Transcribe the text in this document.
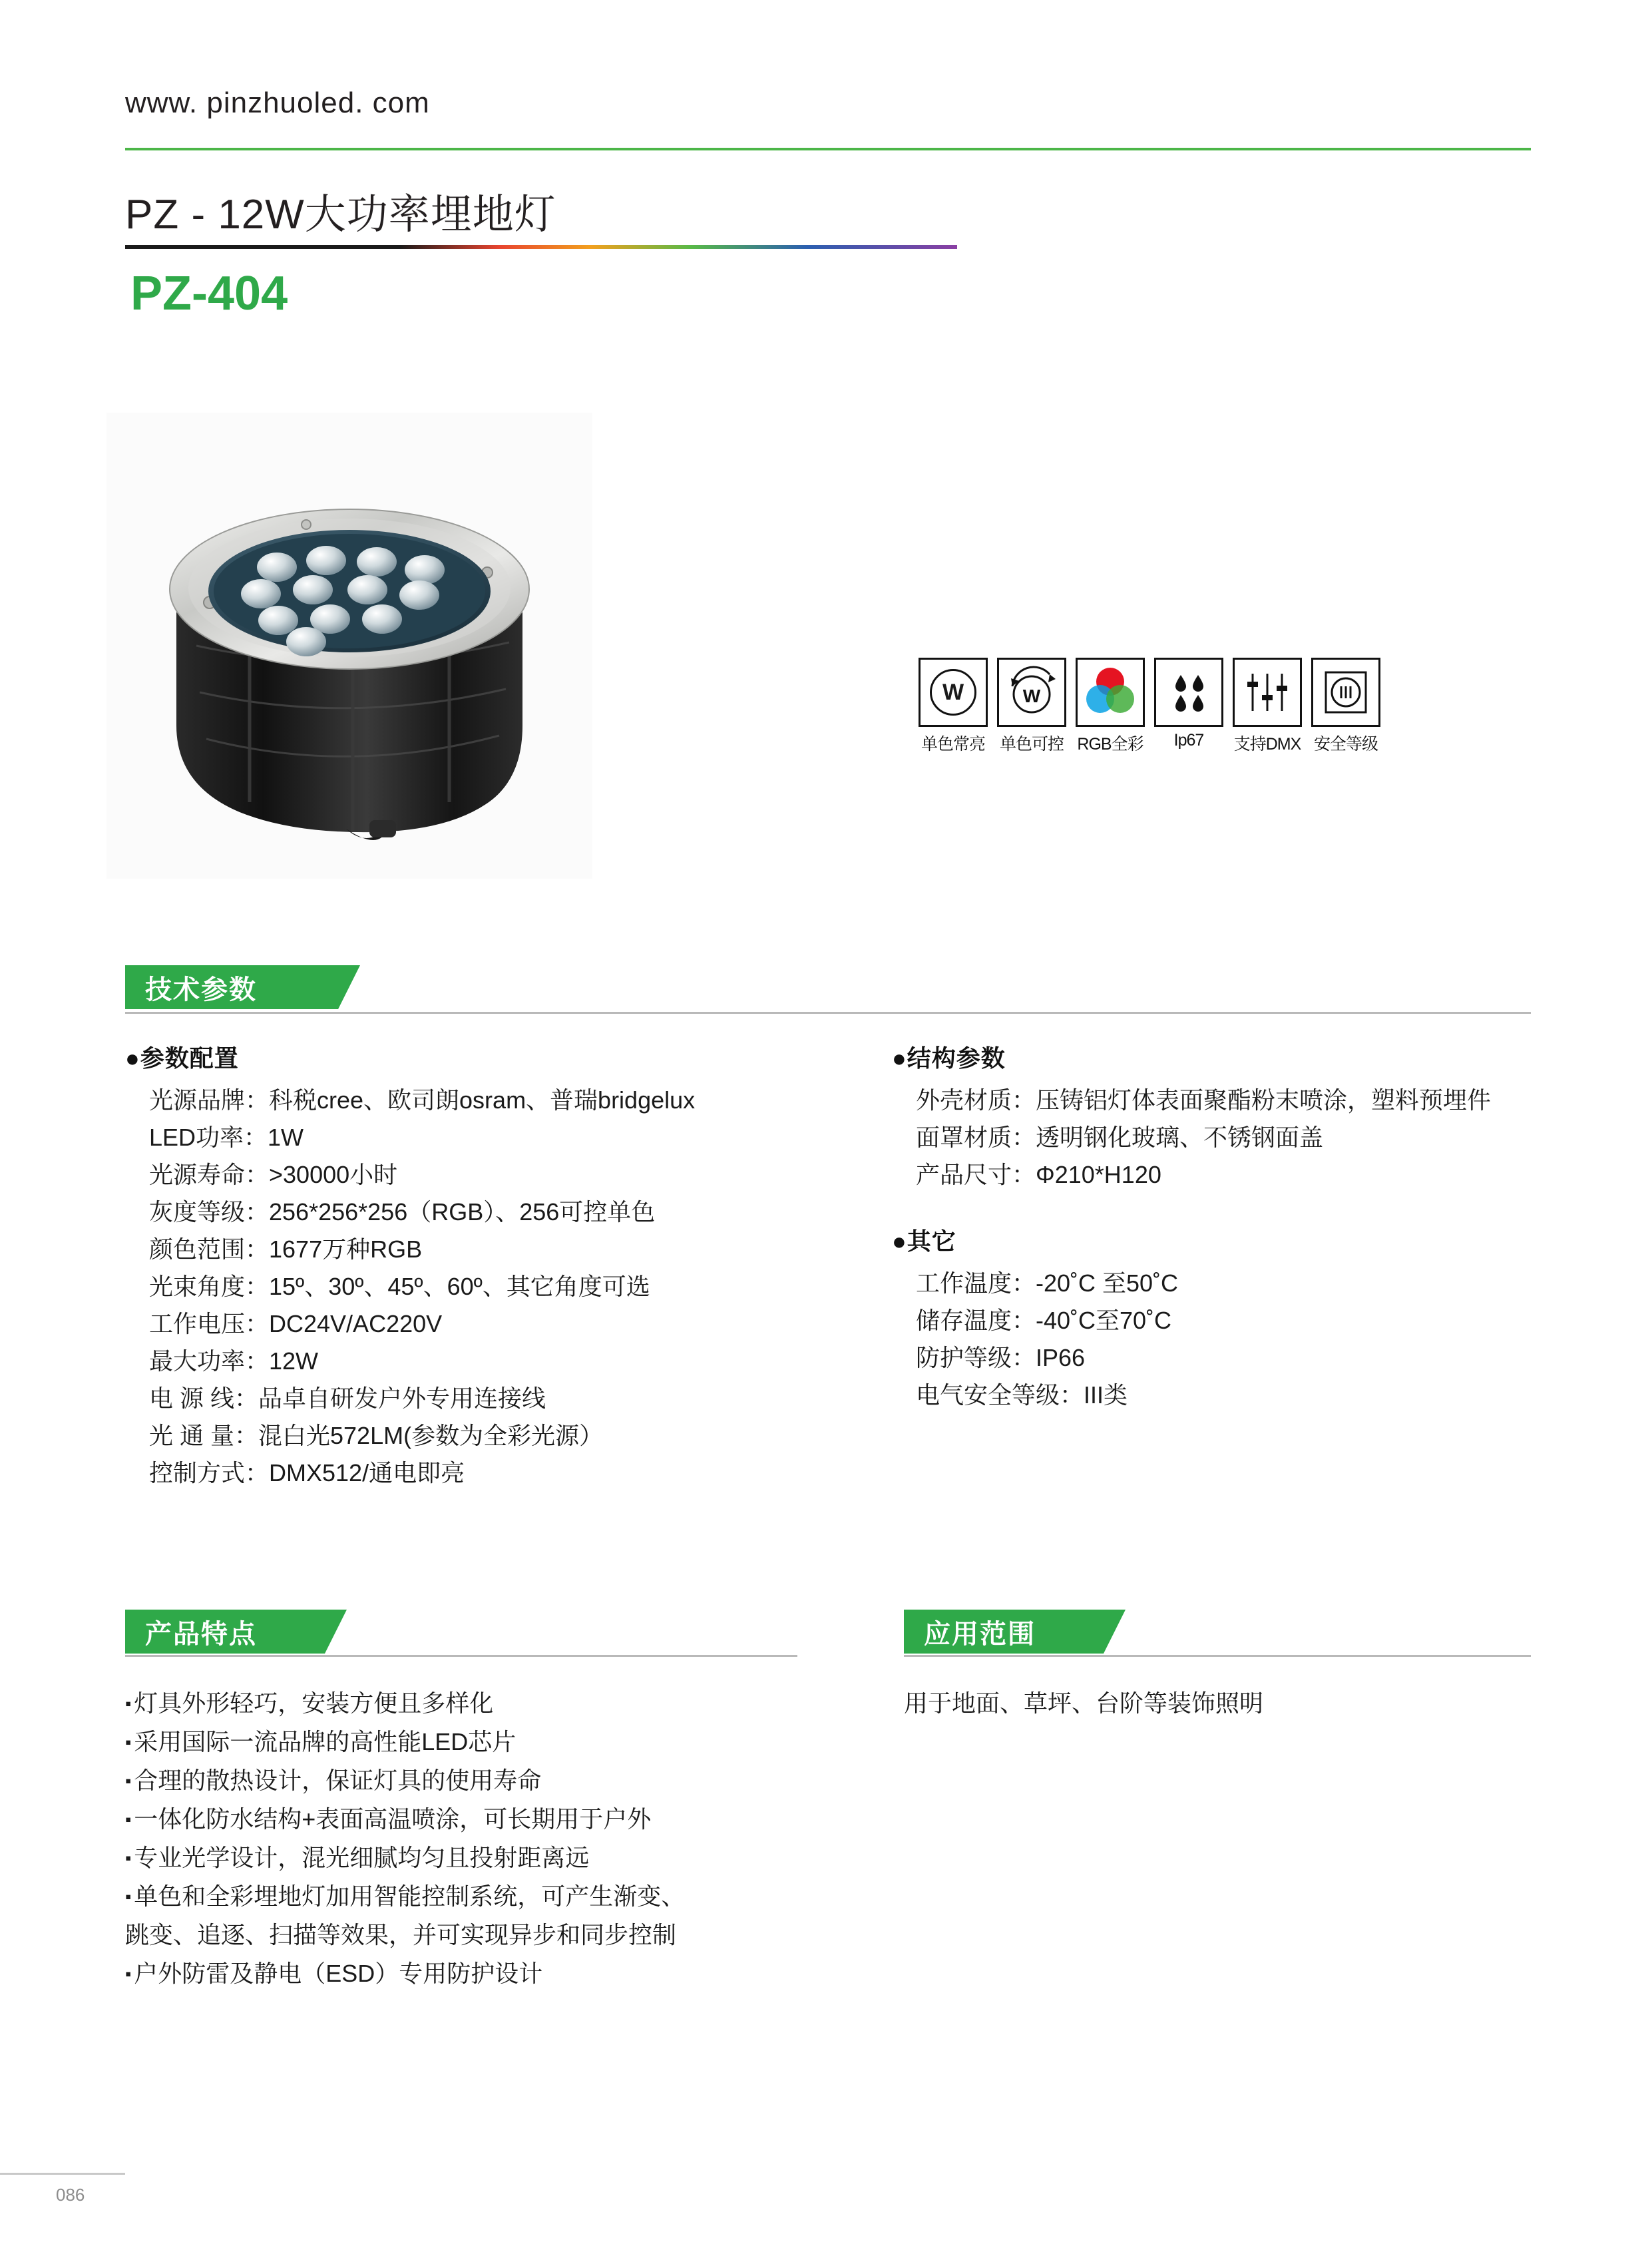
www. pinzhuoled. com
PZ - 12W大功率埋地灯
PZ-404
W
单色常亮
W
单色可控 RGB全彩 Ip67 支持DMX 安全等级
技术参数
●参数配置
光源品牌：科税cree、欧司朗osram、普瑞bridgelux
LED功率：1W
光源寿命：>30000小时
灰度等级：256*256*256（RGB）、256可控单色
颜色范围：1677万种RGB
光束角度：15º、30º、45º、60º、其它角度可选
工作电压：DC24V/AC220V
最大功率：12W
电 源 线：品卓自研发户外专用连接线
光 通 量：混白光572LM(参数为全彩光源）
控制方式：DMX512/通电即亮
●结构参数
外壳材质：压铸铝灯体表面聚酯粉末喷涂，塑料预埋件
面罩材质：透明钢化玻璃、不锈钢面盖
产品尺寸：Φ210*H120
●其它
工作温度：-20˚C 至50˚C
储存温度：-40˚C至70˚C
防护等级：IP66
电气安全等级：III类
产品特点
▪ 灯具外形轻巧，安装方便且多样化
▪ 采用国际一流品牌的高性能LED芯片
▪ 合理的散热设计，保证灯具的使用寿命
▪ 一体化防水结构+表面高温喷涂，可长期用于户外
▪ 专业光学设计，混光细腻均匀且投射距离远
▪ 单色和全彩埋地灯加用智能控制系统，可产生渐变、
跳变、追逐、扫描等效果，并可实现异步和同步控制
▪ 户外防雷及静电（ESD）专用防护设计
应用范围
用于地面、草坪、台阶等装饰照明
086
